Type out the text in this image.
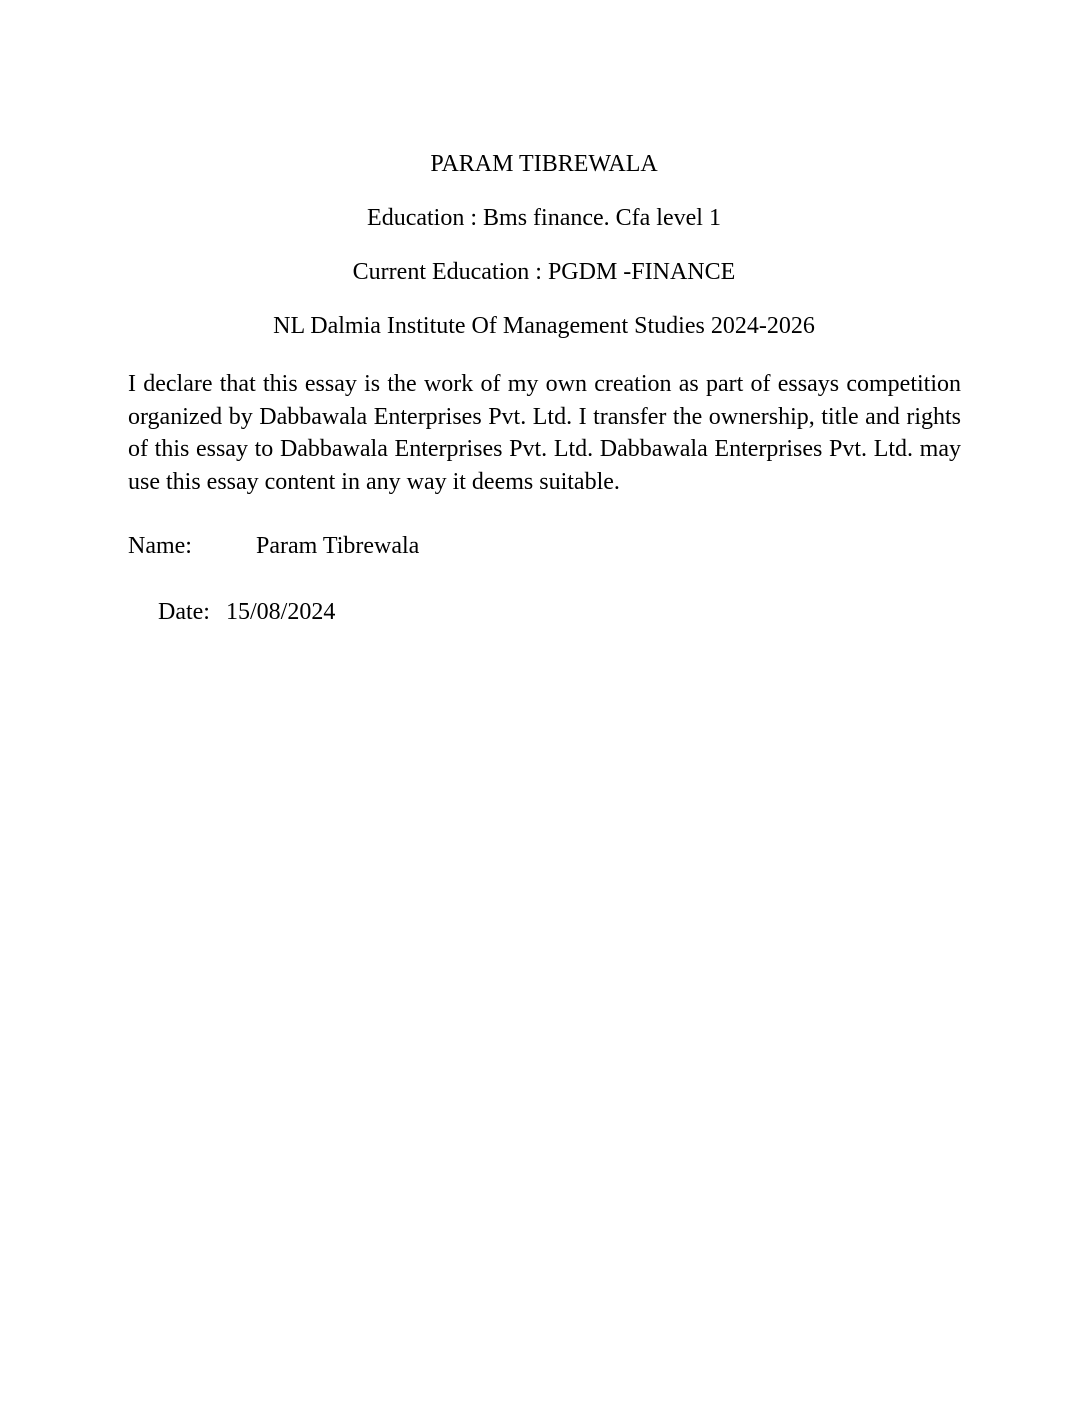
PARAM TIBREWALA
Education : Bms finance. Cfa level 1
Current Education : PGDM -FINANCE
NL Dalmia Institute Of Management Studies 2024-2026

I declare that this essay is the work of my own creation as part of essays competition organized by Dabbawala Enterprises Pvt. Ltd. I transfer the ownership, title and rights of this essay to Dabbawala Enterprises Pvt. Ltd. Dabbawala Enterprises Pvt. Ltd. may use this essay content in any way it deems suitable.

Name:	Param Tibrewala
Date: 15/08/2024
